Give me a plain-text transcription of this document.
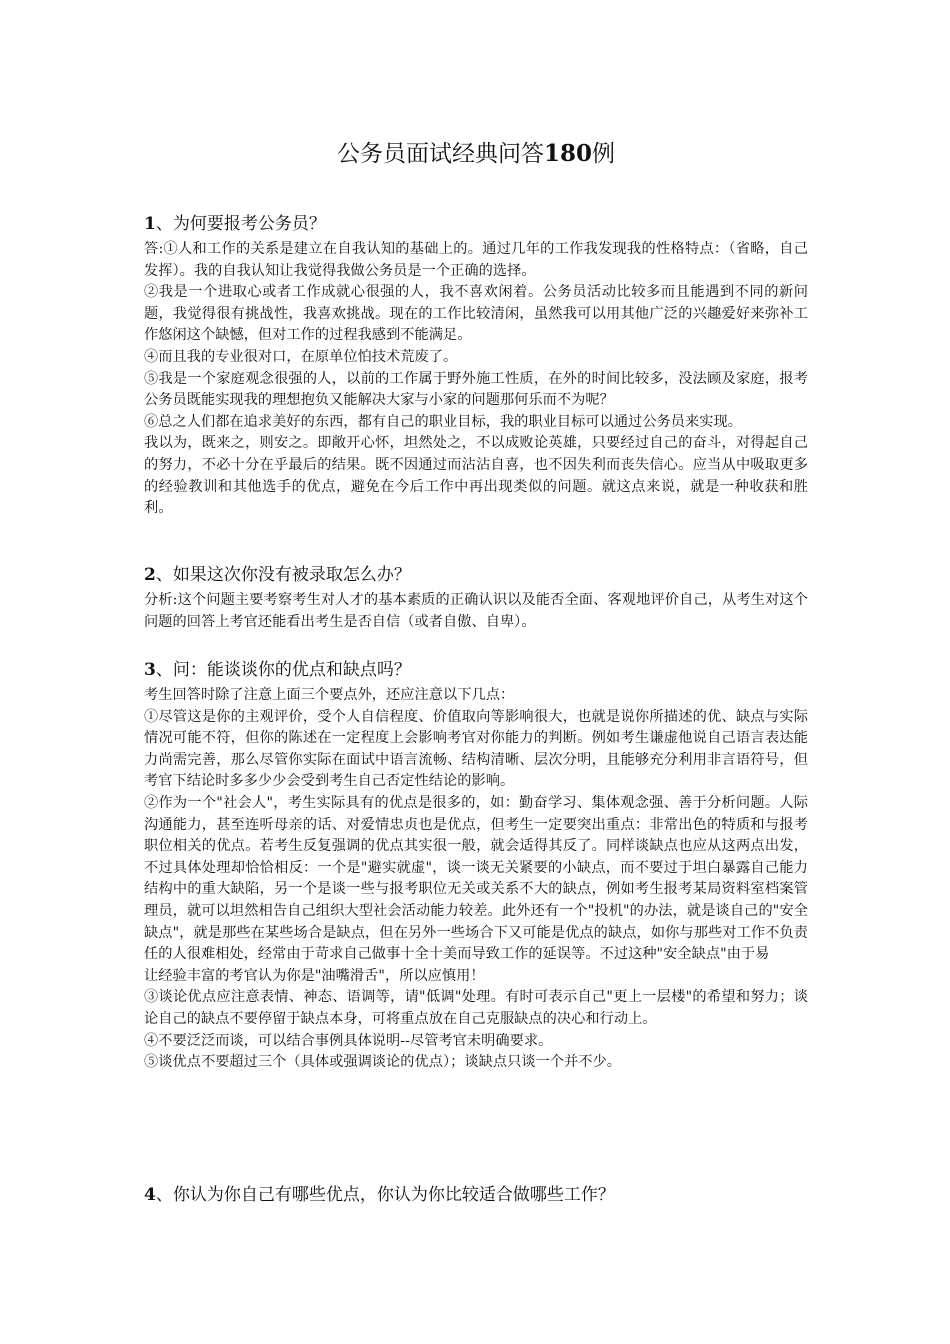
公务员面试经典问答180例
1、为何要报考公务员？

答:①人和工作的关系是建立在自我认知的基础上的。通过几年的工作我发现我的性格特点：（省略，自己发挥）。我的自我认知让我觉得我做公务员是一个正确的选择。

②我是一个进取心或者工作成就心很强的人，我不喜欢闲着。公务员活动比较多而且能遇到不同的新问题，我觉得很有挑战性，我喜欢挑战。现在的工作比较清闲，虽然我可以用其他广泛的兴趣爱好来弥补工作悠闲这个缺憾，但对工作的过程我感到不能满足。

④而且我的专业很对口，在原单位怕技术荒废了。

⑤我是一个家庭观念很强的人，以前的工作属于野外施工性质，在外的时间比较多，没法顾及家庭，报考公务员既能实现我的理想抱负又能解决大家与小家的问题那何乐而不为呢？

⑥总之人们都在追求美好的东西，都有自己的职业目标，我的职业目标可以通过公务员来实现。

我以为，既来之，则安之。即敞开心怀，坦然处之，不以成败论英雄，只要经过自己的奋斗，对得起自己的努力，不必十分在乎最后的结果。既不因通过而沾沾自喜，也不因失利而丧失信心。应当从中吸取更多的经验教训和其他选手的优点，避免在今后工作中再出现类似的问题。就这点来说，就是一种收获和胜利。

2、如果这次你没有被录取怎么办？

分析:这个问题主要考察考生对人才的基本素质的正确认识以及能否全面、客观地评价自己，从考生对这个问题的回答上考官还能看出考生是否自信（或者自傲、自卑）。

3、问：能谈谈你的优点和缺点吗？

考生回答时除了注意上面三个要点外，还应注意以下几点：

①尽管这是你的主观评价，受个人自信程度、价值取向等影响很大，也就是说你所描述的优、缺点与实际情况可能不符，但你的陈述在一定程度上会影响考官对你能力的判断。例如考生谦虚他说自己语言表达能力尚需完善，那么尽管你实际在面试中语言流畅、结构清晰、层次分明，且能够充分利用非言语符号，但考官下结论时多多少少会受到考生自己否定性结论的影响。

②作为一个"社会人"，考生实际具有的优点是很多的，如：勤奋学习、集体观念强、善于分析问题。人际沟通能力，甚至连听母亲的话、对爱情忠贞也是优点，但考生一定要突出重点：非常出色的特质和与报考职位相关的优点。若考生反复强调的优点其实很一般，就会适得其反了。同样谈缺点也应从这两点出发，不过具体处理却恰恰相反：一个是"避实就虚"，谈一谈无关紧要的小缺点，而不要过于坦白暴露自己能力结构中的重大缺陷，另一个是谈一些与报考职位无关或关系不大的缺点，例如考生报考某局资料室档案管理员，就可以坦然相告自己组织大型社会活动能力较差。此外还有一个"投机"的办法，就是谈自己的"安全缺点"，就是那些在某些场合是缺点，但在另外一些场合下又可能是优点的缺点，如你与那些对工作不负责任的人很难相处，经常由于苛求自己做事十全十美而导致工作的延误等。不过这种"安全缺点"由于易

让经验丰富的考官认为你是"油嘴滑舌"，所以应慎用！

③谈论优点应注意表情、神态、语调等，请"低调"处理。有时可表示自己"更上一层楼"的希望和努力；谈论自己的缺点不要停留于缺点本身，可将重点放在自己克服缺点的决心和行动上。

④不要泛泛而谈，可以结合事例具体说明--尽管考官未明确要求。

⑤谈优点不要超过三个（具体或强调谈论的优点）；谈缺点只谈一个并不少。

4、你认为你自己有哪些优点，你认为你比较适合做哪些工作？
